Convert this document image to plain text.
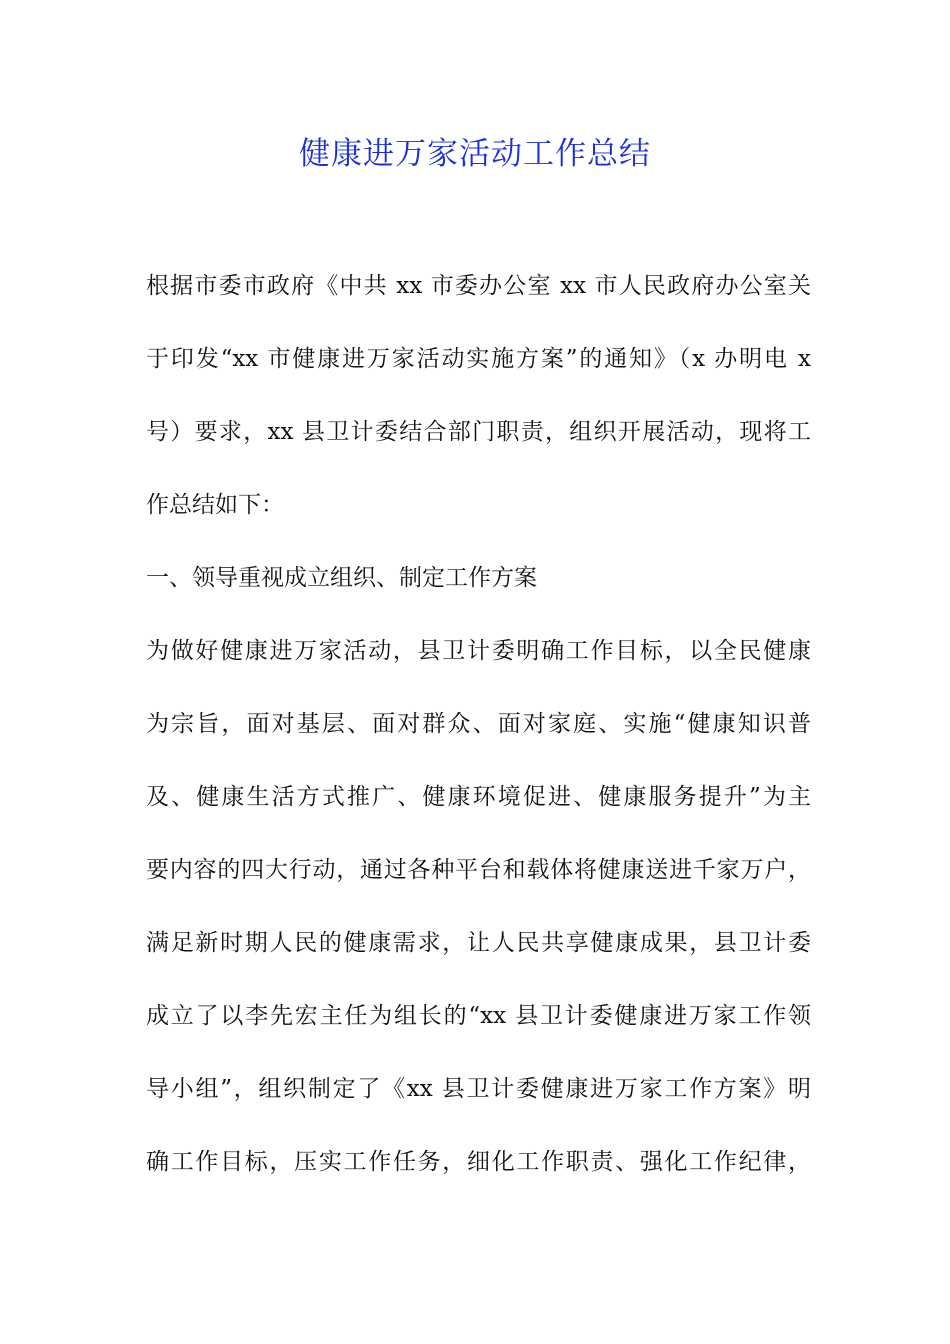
健康进万家活动工作总结
根据市委市政府《中共 xx 市委办公室 xx 市人民政府办公室关
于印发“xx 市健康进万家活动实施方案”的通知》（x 办明电 x
号）要求，xx 县卫计委结合部门职责，组织开展活动，现将工
作总结如下：
一、领导重视成立组织、制定工作方案
为做好健康进万家活动，县卫计委明确工作目标，以全民健康
为宗旨，面对基层、面对群众、面对家庭、实施“健康知识普
及、健康生活方式推广、健康环境促进、健康服务提升”为主
要内容的四大行动，通过各种平台和载体将健康送进千家万户，
满足新时期人民的健康需求，让人民共享健康成果，县卫计委
成立了以李先宏主任为组长的“xx 县卫计委健康进万家工作领
导小组”，组织制定了《xx 县卫计委健康进万家工作方案》明
确工作目标，压实工作任务，细化工作职责、强化工作纪律，
